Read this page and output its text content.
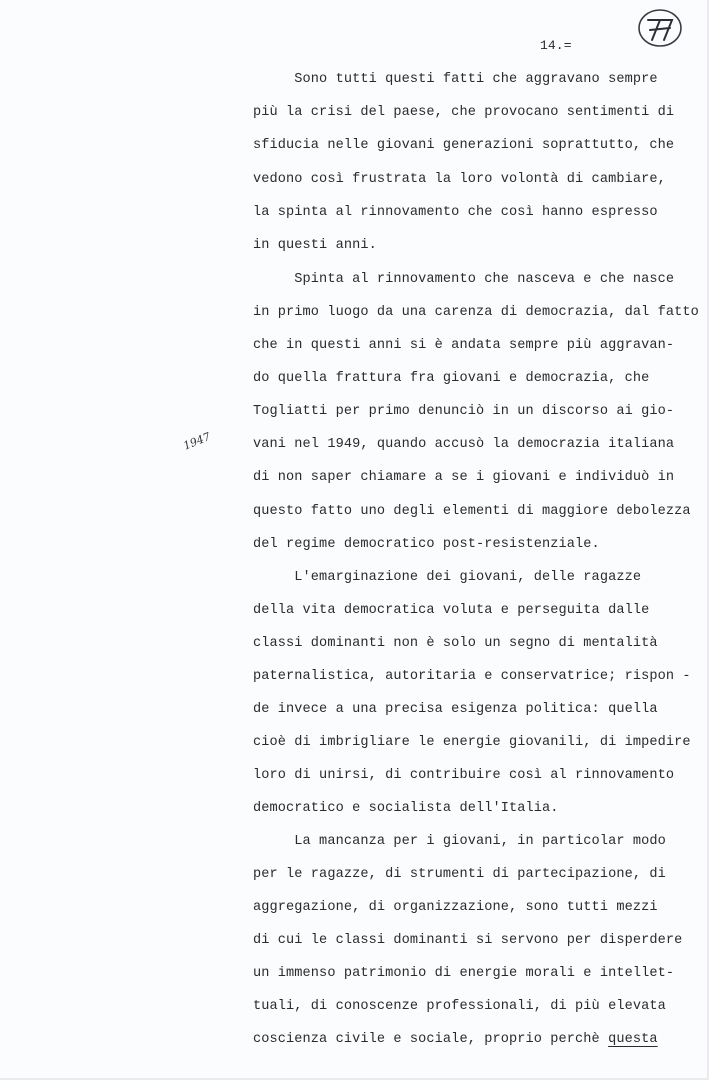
14.=
1947
Sono tutti questi fatti che aggravano sempre
più la crisi del paese, che provocano sentimenti di
sfiducia nelle giovani generazioni soprattutto, che
vedono così frustrata la loro volontà di cambiare,
la spinta al rinnovamento che così hanno espresso
in questi anni.
Spinta al rinnovamento che nasceva e che nasce
in primo luogo da una carenza di democrazia, dal fatto
che in questi anni si è andata sempre più aggravan-
do quella frattura fra giovani e democrazia, che
Togliatti per primo denunciò in un discorso ai gio-
vani nel 1949, quando accusò la democrazia italiana
di non saper chiamare a se i giovani e individuò in
questo fatto uno degli elementi di maggiore debolezza
del regime democratico post-resistenziale.
L'emarginazione dei giovani, delle ragazze
della vita democratica voluta e perseguita dalle
classi dominanti non è solo un segno di mentalità
paternalistica, autoritaria e conservatrice; rispon -
de invece a una precisa esigenza politica: quella
cioè di imbrigliare le energie giovanili, di impedire
loro di unirsi, di contribuire così al rinnovamento
democratico e socialista dell'Italia.
La mancanza per i giovani, in particolar modo
per le ragazze, di strumenti di partecipazione, di
aggregazione, di organizzazione, sono tutti mezzi
di cui le classi dominanti si servono per disperdere
un immenso patrimonio di energie morali e intellet-
tuali, di conoscenze professionali, di più elevata
coscienza civile e sociale, proprio perchè questa
